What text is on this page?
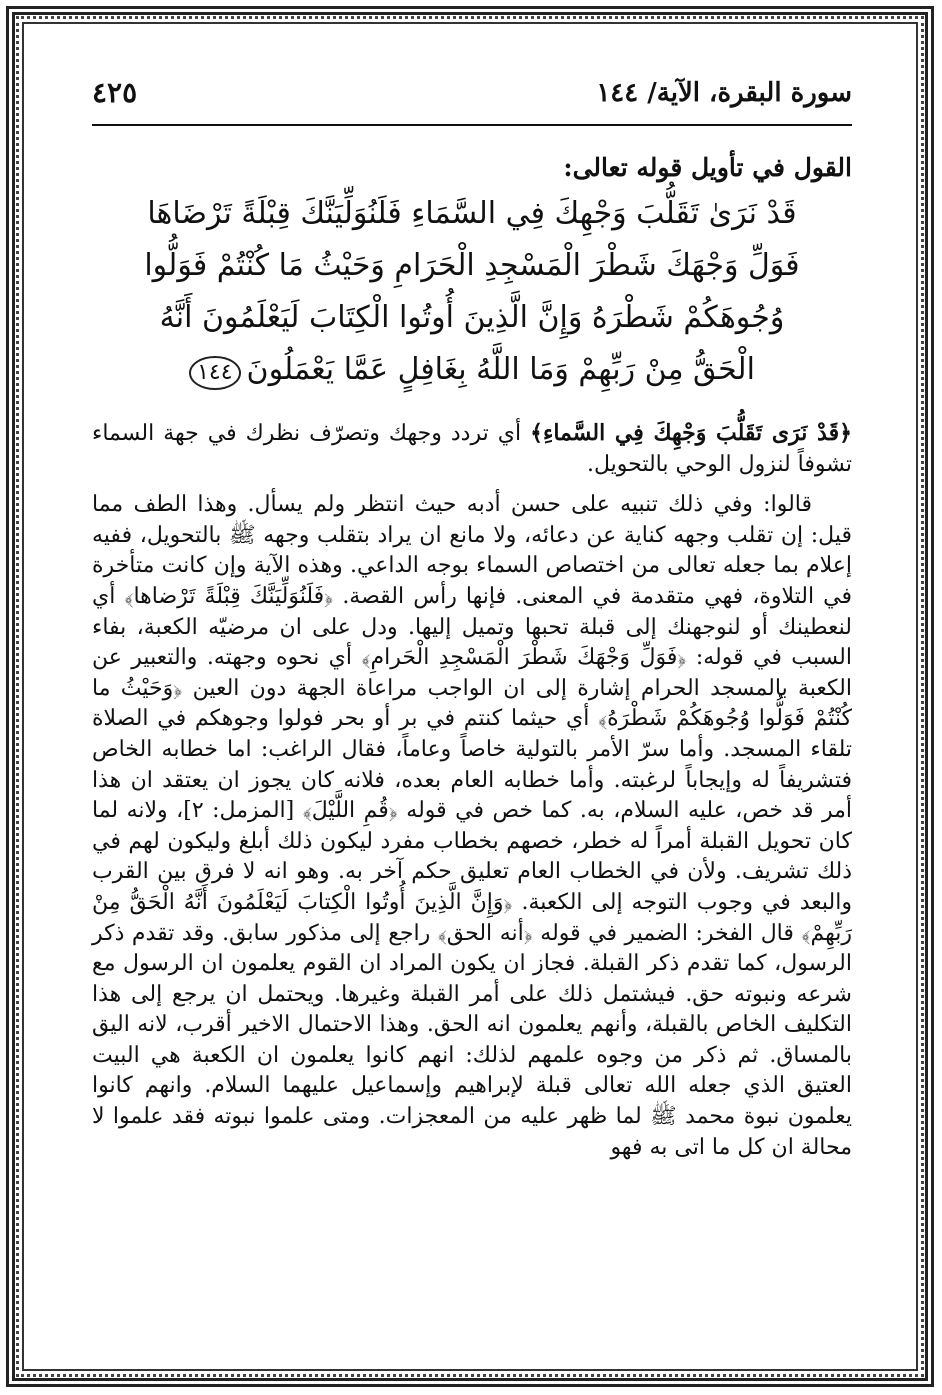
سورة البقرة، الآية/ ١٤٤
٤٢٥
القول في تأويل قوله تعالى:
قَدْ نَرَىٰ تَقَلُّبَ وَجْهِكَ فِي السَّمَاءِ فَلَنُوَلِّيَنَّكَ قِبْلَةً تَرْضَاهَا فَوَلِّ وَجْهَكَ شَطْرَ الْمَسْجِدِ الْحَرَامِ وَحَيْثُ مَا كُنْتُمْ فَوَلُّوا وُجُوهَكُمْ شَطْرَهُ وَإِنَّ الَّذِينَ أُوتُوا الْكِتَابَ لَيَعْلَمُونَ أَنَّهُ الْحَقُّ مِنْ رَبِّهِمْ وَمَا اللَّهُ بِغَافِلٍ عَمَّا يَعْمَلُونَ١٤٤

﴿قَدْ نَرَى تَقَلُّبَ وَجْهِكَ فِي السَّماءِ﴾ أي تردد وجهك وتصرّف نظرك في جهة السماء تشوفاً لنزول الوحي بالتحويل.

قالوا: وفي ذلك تنبيه على حسن أدبه حيث انتظر ولم يسأل. وهذا الطف مما قيل: إن تقلب وجهه كناية عن دعائه، ولا مانع ان يراد بتقلب وجهه ﷺ بالتحويل، ففيه إعلام بما جعله تعالى من اختصاص السماء بوجه الداعي. وهذه الآية وإن كانت متأخرة في التلاوة، فهي متقدمة في المعنى. فإنها رأس القصة. ﴿فَلَنُوَلِّيَنَّكَ قِبْلَةً تَرْضاها﴾ أي لنعطينك أو لنوجهنك إلى قبلة تحبها وتميل إليها. ودل على ان مرضيّه الكعبة، بفاء السبب في قوله: ﴿فَوَلِّ وَجْهَكَ شَطْرَ الْمَسْجِدِ الْحَرامِ﴾ أي نحوه وجهته. والتعبير عن الكعبة بالمسجد الحرام إشارة إلى ان الواجب مراعاة الجهة دون العين ﴿وَحَيْثُ ما كُنْتُمْ فَوَلُّوا وُجُوهَكُمْ شَطْرَهُ﴾ أي حيثما كنتم في بر أو بحر فولوا وجوهكم في الصلاة تلقاء المسجد. وأما سرّ الأمر بالتولية خاصاً وعاماً، فقال الراغب: اما خطابه الخاص فتشريفاً له وإيجاباً لرغبته. وأما خطابه العام بعده، فلانه كان يجوز ان يعتقد ان هذا أمر قد خص، عليه السلام، به. كما خص في قوله ﴿قُمِ اللَّيْلَ﴾ [المزمل: ٢]، ولانه لما كان تحويل القبلة أمراً له خطر، خصهم بخطاب مفرد ليكون ذلك أبلغ وليكون لهم في ذلك تشريف. ولأن في الخطاب العام تعليق حكم آخر به. وهو انه لا فرق بين القرب والبعد في وجوب التوجه إلى الكعبة. ﴿وَإِنَّ الَّذِينَ أُوتُوا الْكِتابَ لَيَعْلَمُونَ أَنَّهُ الْحَقُّ مِنْ رَبِّهِمْ﴾ قال الفخر: الضمير في قوله ﴿أنه الحق﴾ راجع إلى مذكور سابق. وقد تقدم ذكر الرسول، كما تقدم ذكر القبلة. فجاز ان يكون المراد ان القوم يعلمون ان الرسول مع شرعه ونبوته حق. فيشتمل ذلك على أمر القبلة وغيرها. ويحتمل ان يرجع إلى هذا التكليف الخاص بالقبلة، وأنهم يعلمون انه الحق. وهذا الاحتمال الاخير أقرب، لانه اليق بالمساق. ثم ذكر من وجوه علمهم لذلك: انهم كانوا يعلمون ان الكعبة هي البيت العتيق الذي جعله الله تعالى قبلة لإبراهيم وإسماعيل عليهما السلام. وانهم كانوا يعلمون نبوة محمد ﷺ لما ظهر عليه من المعجزات. ومتى علموا نبوته فقد علموا لا محالة ان كل ما اتى به فهو
